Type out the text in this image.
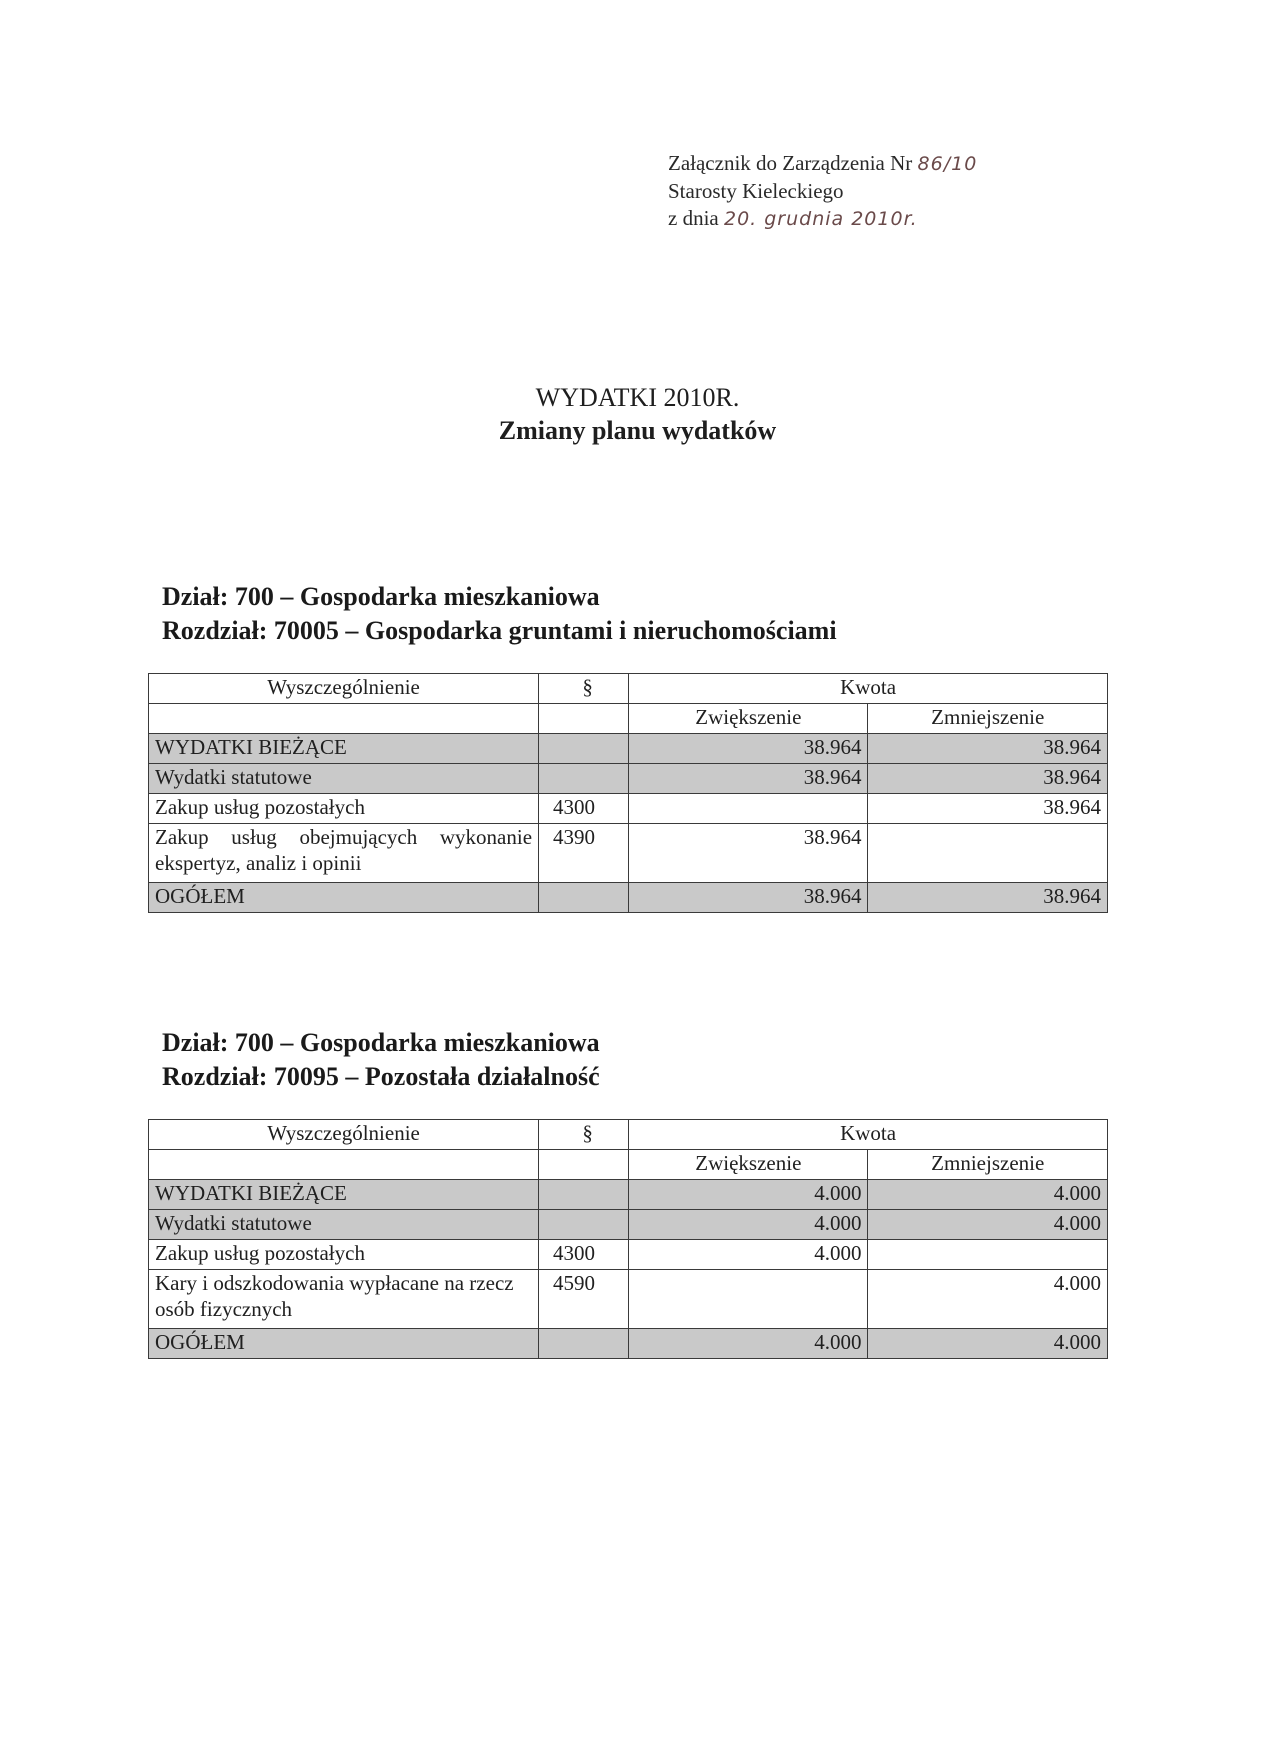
Załącznik do Zarządzenia Nr 86/10
Starosty Kieleckiego
z dnia 20. grudnia 2010r.
WYDATKI 2010R.
Zmiany planu wydatków
Dział: 700 – Gospodarka mieszkaniowa
Rozdział: 70005 – Gospodarka gruntami i nieruchomościami
Wyszczególnienie	§	Kwota	
		Zwiększenie	Zmniejszenie
WYDATKI BIEŻĄCE		38.964	38.964
Wydatki statutowe		38.964	38.964
Zakup usług pozostałych	4300		38.964
Zakup usług obejmujących wykonanie ekspertyz, analiz i opinii	4390	38.964	
OGÓŁEM		38.964	38.964
Dział: 700 – Gospodarka mieszkaniowa
Rozdział: 70095 – Pozostała działalność
Wyszczególnienie	§	Kwota	
		Zwiększenie	Zmniejszenie
WYDATKI BIEŻĄCE		4.000	4.000
Wydatki statutowe		4.000	4.000
Zakup usług pozostałych	4300	4.000	
Kary i odszkodowania wypłacane na rzecz osób fizycznych	4590		4.000
OGÓŁEM		4.000	4.000
